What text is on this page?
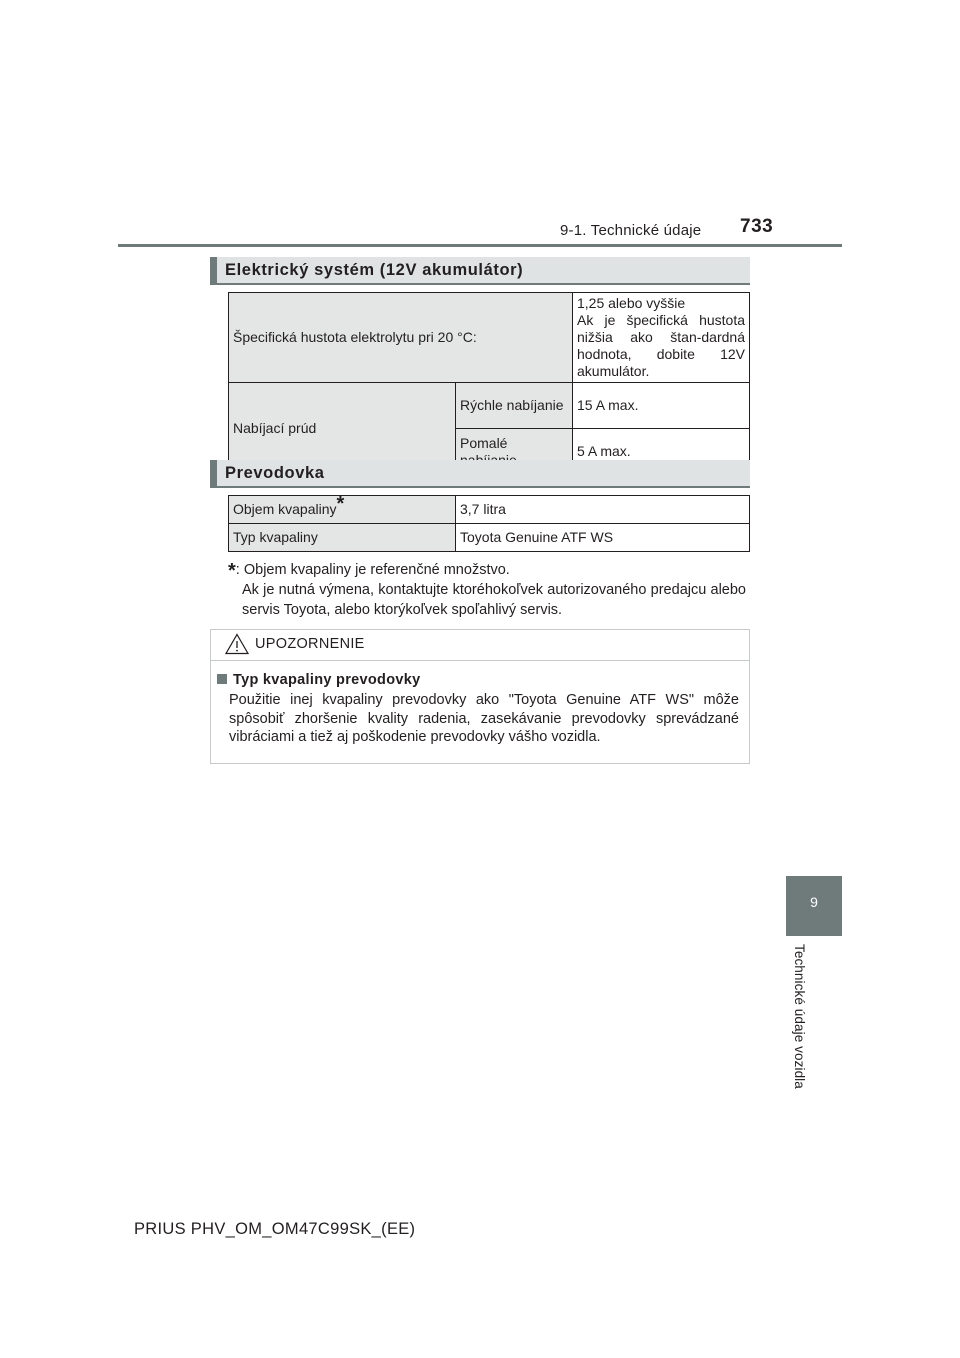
9-1. Technické údaje 733
9
Technické údaje vozidla
Elektrický systém (12V akumulátor)
Špecifická hustota elektrolytu pri 20 °C:		1,25 alebo vyššie
Ak je špecifická hustota nižšia ako štan-dardná hodnota, dobite 12V akumulátor.

Nabíjací prúd	Rýchle nabíjanie	15 A max.
	Pomalé	5 A max.
Prevodovka
Objem kvapaliny*	3,7 litra
Typ kvapaliny	Toyota Genuine ATF WS
*: Objem kvapaliny je referenčné množstvo.
Ak je nutná výmena, kontaktujte ktoréhokoľvek autorizovaného predajcu alebo servis Toyota, alebo ktorýkoľvek spoľahlivý servis.
UPOZORNENIE
Typ kvapaliny prevodovky
Použitie inej kvapaliny prevodovky ako "Toyota Genuine ATF WS" môže spôsobiť zhoršenie kvality radenia, zasekávanie prevodovky sprevádzané vibráciami a tiež aj poškodenie prevodovky vášho vozidla.
PRIUS PHV_OM_OM47C99SK_(EE)
